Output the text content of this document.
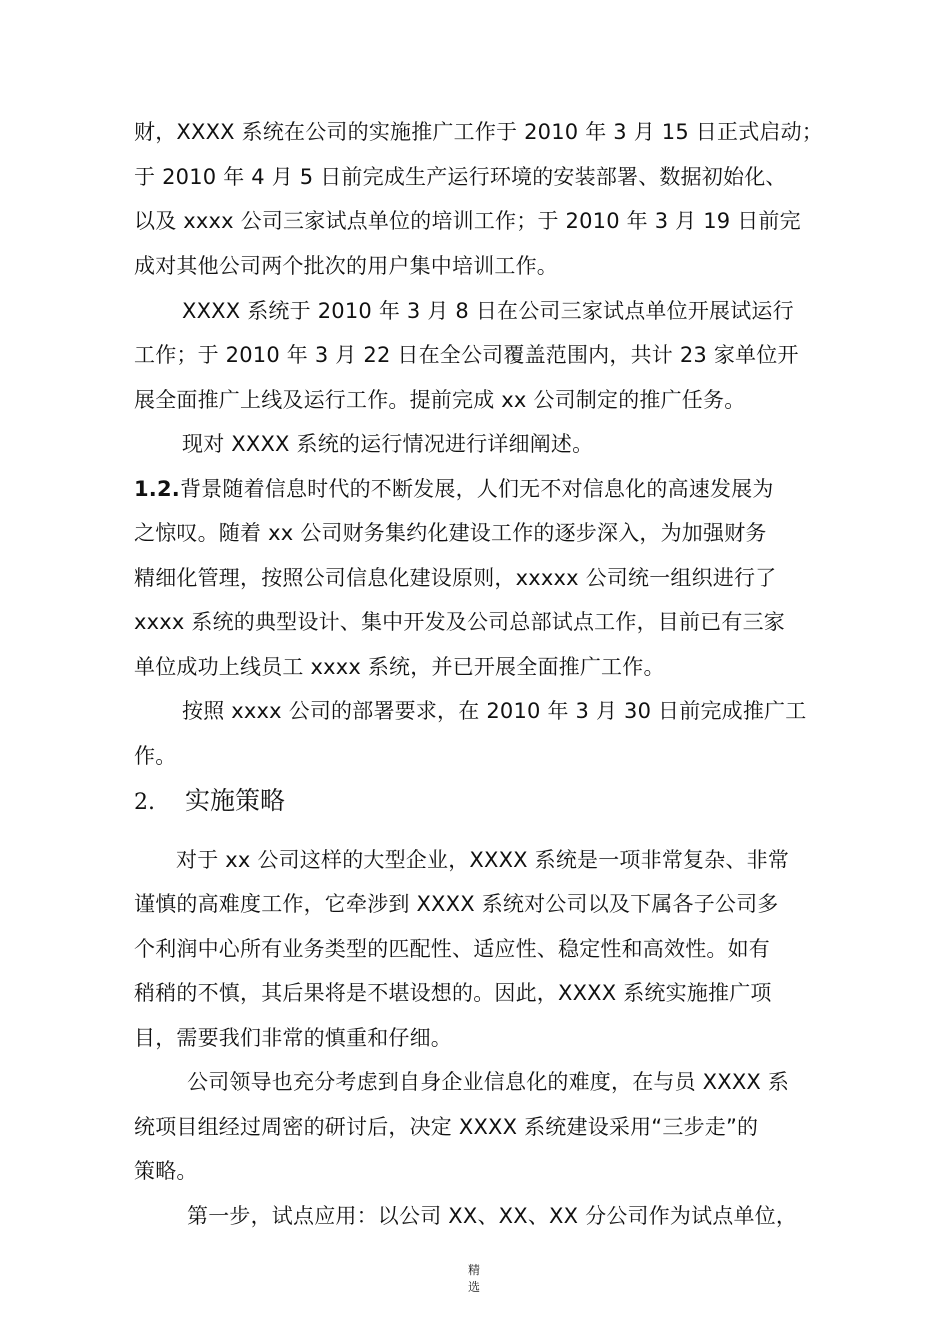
财，XXXX 系统在公司的实施推广工作于 2010 年 3 月 15 日正式启动；
于 2010 年 4 月 5 日前完成生产运行环境的安装部署、数据初始化、
以及 xxxx 公司三家试点单位的培训工作；于 2010 年 3 月 19 日前完
成对其他公司两个批次的用户集中培训工作。
XXXX 系统于 2010 年 3 月 8 日在公司三家试点单位开展试运行
工作；于 2010 年 3 月 22 日在全公司覆盖范围内，共计 23 家单位开
展全面推广上线及运行工作。提前完成 xx 公司制定的推广任务。
现对 XXXX 系统的运行情况进行详细阐述。
1.2.背景随着信息时代的不断发展，人们无不对信息化的高速发展为
之惊叹。随着 xx 公司财务集约化建设工作的逐步深入，为加强财务
精细化管理，按照公司信息化建设原则，xxxxx 公司统一组织进行了
xxxx 系统的典型设计、集中开发及公司总部试点工作，目前已有三家
单位成功上线员工 xxxx 系统，并已开展全面推广工作。
按照 xxxx 公司的部署要求，在 2010 年 3 月 30 日前完成推广工
作。
2. 实施策略
对于 xx 公司这样的大型企业，XXXX 系统是一项非常复杂、非常
谨慎的高难度工作，它牵涉到 XXXX 系统对公司以及下属各子公司多
个利润中心所有业务类型的匹配性、适应性、稳定性和高效性。如有
稍稍的不慎，其后果将是不堪设想的。因此，XXXX 系统实施推广项
目，需要我们非常的慎重和仔细。
公司领导也充分考虑到自身企业信息化的难度，在与员 XXXX 系
统项目组经过周密的研讨后，决定 XXXX 系统建设采用“三步走”的
策略。
第一步，试点应用：以公司 XX、XX、XX 分公司作为试点单位，
精
选
